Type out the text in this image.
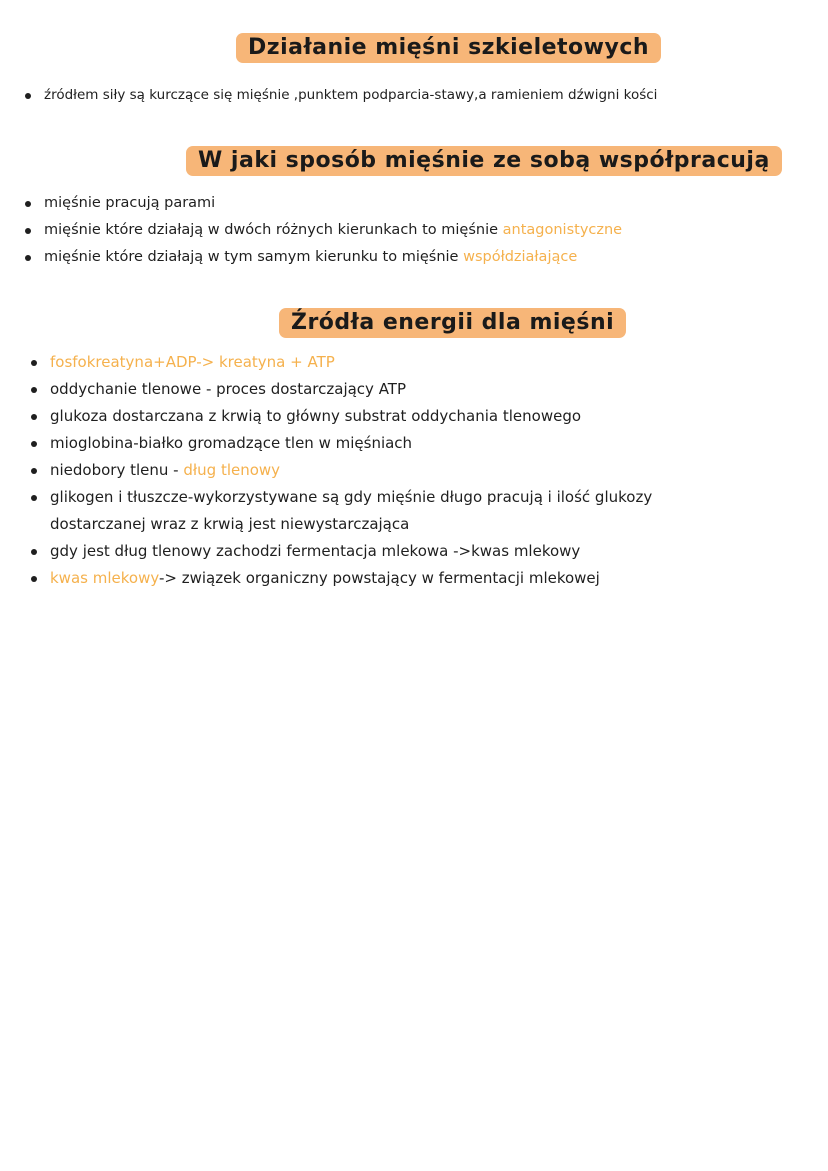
Działanie mięśni szkieletowych
źródłem siły są kurczące się mięśnie ,punktem podparcia-stawy,a ramieniem dźwigni kości
W jaki sposób mięśnie ze sobą współpracują
mięśnie pracują parami
mięśnie które działają w dwóch różnych kierunkach to mięśnie antagonistyczne
mięśnie które działają w tym samym kierunku to mięśnie współdziałające
Źródła energii dla mięśni
fosfokreatyna+ADP-> kreatyna + ATP
oddychanie tlenowe - proces dostarczający ATP
glukoza dostarczana z krwią to główny substrat oddychania tlenowego
mioglobina-białko gromadzące tlen w mięśniach
niedobory tlenu - dług tlenowy
glikogen i tłuszcze-wykorzystywane są gdy mięśnie długo pracują i ilość glukozy
dostarczanej wraz z krwią jest niewystarczająca
gdy jest dług tlenowy zachodzi fermentacja mlekowa ->kwas mlekowy
kwas mlekowy-> związek organiczny powstający w fermentacji mlekowej
